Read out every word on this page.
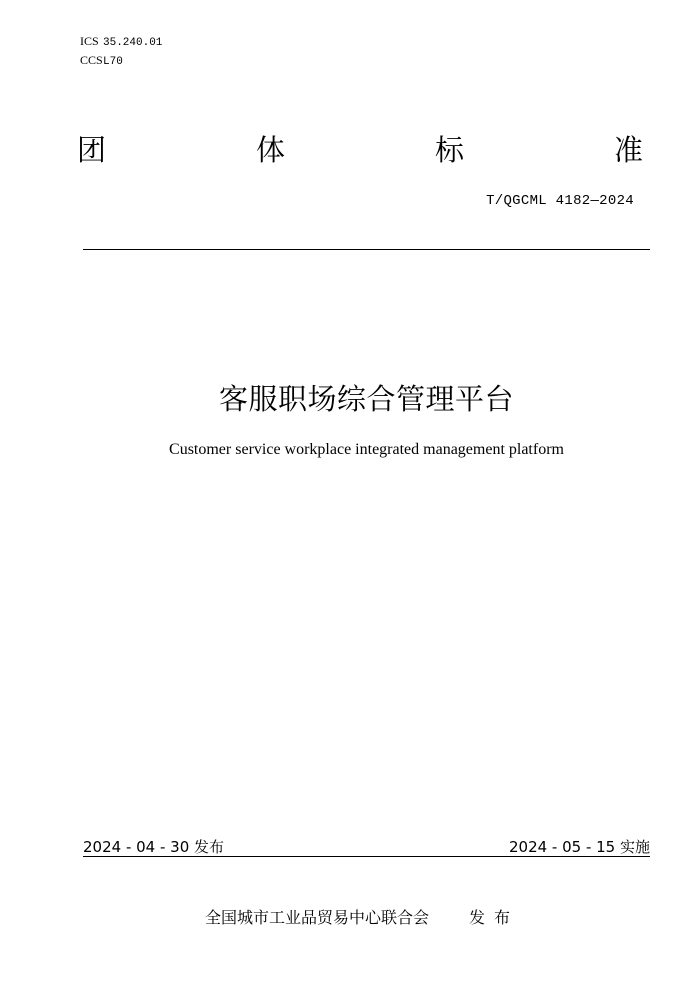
ICS 35.240.01
CCSL70
团	体	标	准
T/QGCML 4182—2024
客服职场综合管理平台
Customer service workplace integrated management platform
2024 - 04 - 30 发布	2024 - 05 - 15 实施
全国城市工业品贸易中心联合会 发布
